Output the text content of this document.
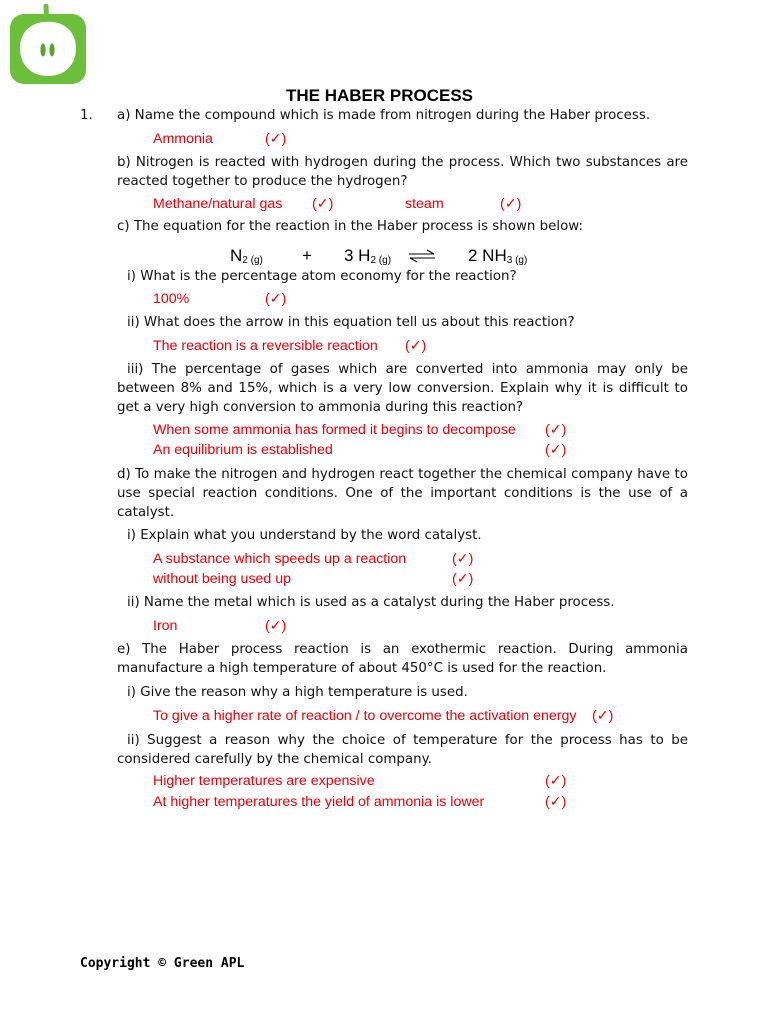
THE HABER PROCESS
1. a) Name the compound which is made from nitrogen during the Haber process.
Ammonia	(✓)
b) Nitrogen is reacted with hydrogen during the process. Which two substances are reacted together to produce the hydrogen?
Methane/natural gas (✓)	steam	(✓)
c) The equation for the reaction in the Haber process is shown below:
$N_{2 (g)} + 3$ $H_{2 (g)}$ ⇌ 2 $NH_{3 (g)}$
i) What is the percentage atom economy for the reaction?
100%	(✓)
ii) What does the arrow in this equation tell us about this reaction?
The reaction is a reversible reaction (✓)
iii) The percentage of gases which are converted into ammonia may only be between 8% and 15%, which is a very low conversion. Explain why it is difficult to get a very high conversion to ammonia during this reaction?
When some ammonia has formed it begins to decompose (✓)
An equilibrium is established	(✓)
d) To make the nitrogen and hydrogen react together the chemical company have to use special reaction conditions. One of the important conditions is the use of a catalyst.
i) Explain what you understand by the word catalyst.
A substance which speeds up a reaction	(✓)
without being used up	(✓)
ii) Name the metal which is used as a catalyst during the Haber process.
Iron	(✓)
e) The Haber process reaction is an exothermic reaction. During ammonia manufacture a high temperature of about 450°C is used for the reaction.
i) Give the reason why a high temperature is used.
To give a higher rate of reaction / to overcome the activation energy (✓)
ii) Suggest a reason why the choice of temperature for the process has to be considered carefully by the chemical company.
Higher temperatures are expensive	(✓)
At higher temperatures the yield of ammonia is lower	(✓)
Copyright © Green APL
